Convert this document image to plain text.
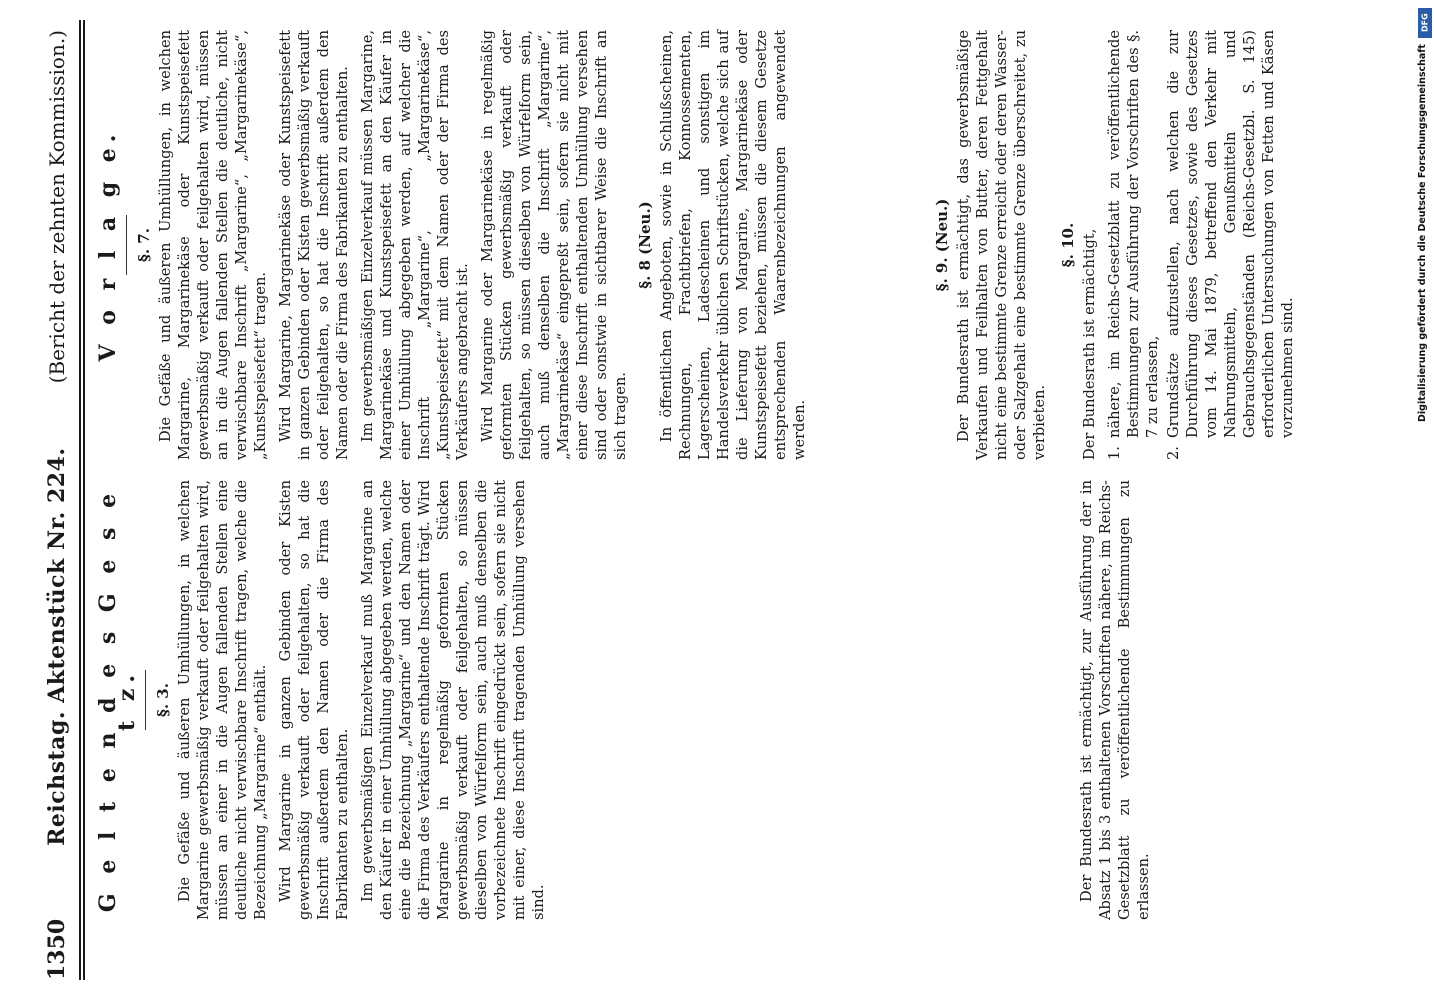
1350
Reichstag. Aktenstück Nr. 224.
(Bericht der zehnten Kommission.)
G e l t e n d e s G e s e t z. §. 3. Die Gefäße und äußeren Umhüllungen, in welchen Margarine gewerbsmäßig verkauft oder feilgehalten wird, müssen an einer in die Augen fallenden Stellen eine deutliche nicht verwischbare Inschrift tragen, welche die Bezeichnung „Margarine“ enthält. Wird Margarine in ganzen Gebinden oder Kisten gewerbsmäßig verkauft oder feilgehalten, so hat die Inschrift außerdem den Namen oder die Firma des Fabrikanten zu enthalten. Im gewerbsmäßigen Einzelverkauf muß Margarine an den Käufer in einer Umhüllung abgegeben werden, welche eine die Bezeichnung „Margarine“ und den Namen oder die Firma des Verkäufers enthaltende Inschrift trägt. Wird Margarine in regelmäßig geformten Stücken gewerbsmäßig verkauft oder feilgehalten, so müssen dieselben von Würfelform sein, auch muß denselben die vorbezeichnete Inschrift eingedrückt sein, sofern sie nicht mit einer, diese Inschrift tragenden Umhüllung versehen sind.

Der Bundesrath ist ermächtigt, zur Ausführung der in Absatz 1 bis 3 enthaltenen Vorschriften nähere, im Reichs-Gesetzblatt zu veröffentlichende Bestimmungen zu erlassen.

V o r l a g e. §. 7. Die Gefäße und äußeren Umhüllungen, in welchen Margarine, Margarinekäse oder Kunstspeisefett gewerbsmäßig verkauft oder feilgehalten wird, müssen an in die Augen fallenden Stellen die deutliche, nicht verwischbare Inschrift „Margarine“, „Margarinekäse“, „Kunstspeisefett“ tragen. Wird Margarine, Margarinekäse oder Kunstspeisefett in ganzen Gebinden oder Kisten gewerbsmäßig verkauft oder feilgehalten, so hat die Inschrift außerdem den Namen oder die Firma des Fabrikanten zu enthalten. Im gewerbsmäßigen Einzelverkauf müssen Margarine, Margarinekäse und Kunstspeisefett an den Käufer in einer Umhüllung abgegeben werden, auf welcher die Inschrift „Margarine“, „Margarinekäse“, „Kunstspeisefett“ mit dem Namen oder der Firma des Verkäufers angebracht ist. Wird Margarine oder Margarinekäse in regelmäßig geformten Stücken gewerbsmäßig verkauft oder feilgehalten, so müssen dieselben von Würfelform sein, auch muß denselben die Inschrift „Margarine“, „Margarinekäse“ eingepreßt sein, sofern sie nicht mit einer diese Inschrift enthaltenden Umhüllung versehen sind oder sonstwie in sichtbarer Weise die Inschrift an sich tragen.

§. 8 (Neu.) In öffentlichen Angeboten, sowie in Schlußscheinen, Rechnungen, Frachtbriefen, Konnossementen, Lagerscheinen, Ladescheinen und sonstigen im Handelsverkehr üblichen Schriftstücken, welche sich auf die Lieferung von Margarine, Margarinekäse oder Kunstspeisefett beziehen, müssen die diesem Gesetze entsprechenden Waarenbezeichnungen angewendet werden.

§. 9. (Neu.) Der Bundesrath ist ermächtigt, das gewerbsmäßige Verkaufen und Feilhalten von Butter, deren Fettgehalt nicht eine bestimmte Grenze erreicht oder deren Wasser- oder Salzgehalt eine bestimmte Grenze überschreitet, zu verbieten.

§. 10. Der Bundesrath ist ermächtigt, 1.
nähere, im Reichs-Gesetzblatt zu veröffentlichende Bestimmungen zur Ausführung der Vorschriften des §. 7 zu erlassen,
2.
Grundsätze aufzustellen, nach welchen die zur Durchführung dieses Gesetzes, sowie des Gesetzes vom 14. Mai 1879, betreffend den Verkehr mit Nahrungsmitteln, Genußmitteln und Gebrauchsgegenständen (Reichs-Gesetzbl. S. 145) erforderlichen Untersuchungen von Fetten und Käsen vorzunehmen sind.
DFG
Digitalisierung gefördert durch die Deutsche Forschungsgemeinschaft
